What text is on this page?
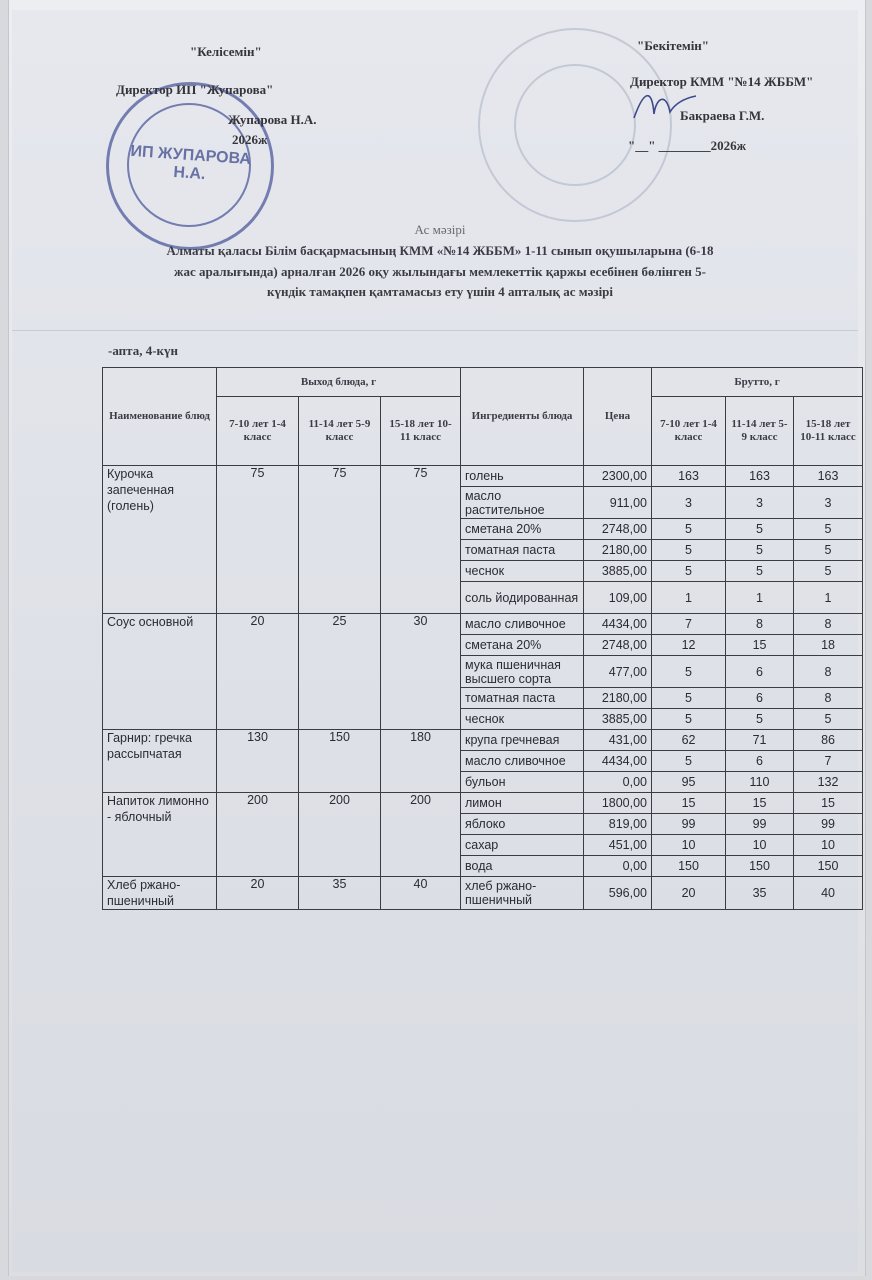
ИП ЖУПАРОВА Н.А.
"Келісемін"
Директор ИП "Жупарова"
Жупарова Н.А.
2026ж
"Бекітемін"
Директор КММ "№14 ЖББМ"
Бакраева Г.М.
"__" ________2026ж
Ас мәзірі
Алматы қаласы Білім басқармасының КММ «№14 ЖББМ» 1-11 сынып оқушыларына (6-18
жас аралығында) арналған 2026 оқу жылындағы мемлекеттік қаржы есебінен бөлінген 5-
күндік тамақпен қамтамасыз ету үшін 4 апталық ас мәзірі
-апта, 4-күн
Наименование блюд	Выход блюда, г			Ингредиенты блюда	Цена	Брутто, г		
	7-10 лет 1-4 класс	11-14 лет 5-9 класс	15-18 лет 10-11 класс			7-10 лет 1-4 класс	11-14 лет 5-9 класс	15-18 лет 10-11 класс
Курочка запеченная (голень)	75	75	75	голень	2300,00	163	163	163
				масло растительное	911,00	3	3	3
				сметана 20%	2748,00	5	5	5
				томатная паста	2180,00	5	5	5
				чеснок	3885,00	5	5	5
				соль йодированная	109,00	1	1	1
Соус основной	20	25	30	масло сливочное	4434,00	7	8	8
				сметана 20%	2748,00	12	15	18
				мука пшеничная высшего сорта	477,00	5	6	8
				томатная паста	2180,00	5	6	8
				чеснок	3885,00	5	5	5
Гарнир: гречка рассыпчатая	130	150	180	крупа гречневая	431,00	62	71	86
				масло сливочное	4434,00	5	6	7
				бульон	0,00	95	110	132
Напиток лимонно - яблочный	200	200	200	лимон	1800,00	15	15	15
				яблоко	819,00	99	99	99
				сахар	451,00	10	10	10
				вода	0,00	150	150	150
Хлеб ржано-пшеничный	20	35	40	хлеб ржано-пшеничный	596,00	20	35	40
